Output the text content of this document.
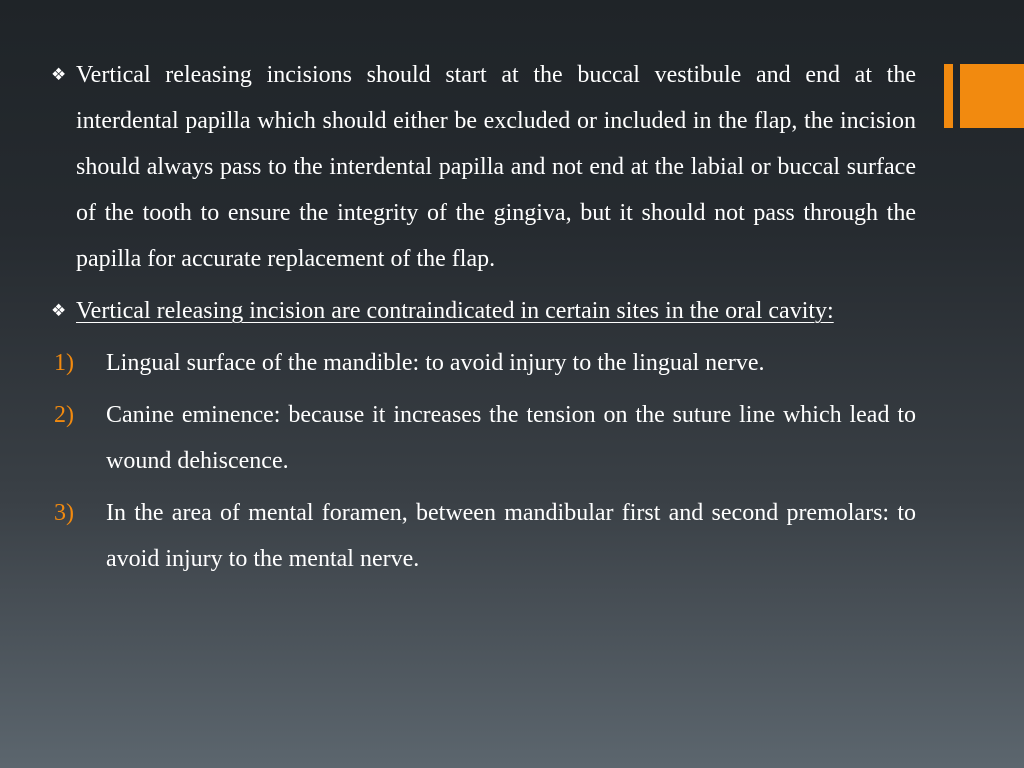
❖ Vertical releasing incisions should start at the buccal vestibule and end at the interdental papilla which should either be excluded or included in the flap, the incision should always pass to the interdental papilla and not end at the labial or buccal surface of the tooth to ensure the integrity of the gingiva, but it should not pass through the papilla for accurate replacement of the flap.
❖ Vertical releasing incision are contraindicated in certain sites in the oral cavity:
1) Lingual surface of the mandible: to avoid injury to the lingual nerve.
2) Canine eminence: because it increases the tension on the suture line which lead to wound dehiscence.
3) In the area of mental foramen, between mandibular first and second premolars: to avoid injury to the mental nerve.
